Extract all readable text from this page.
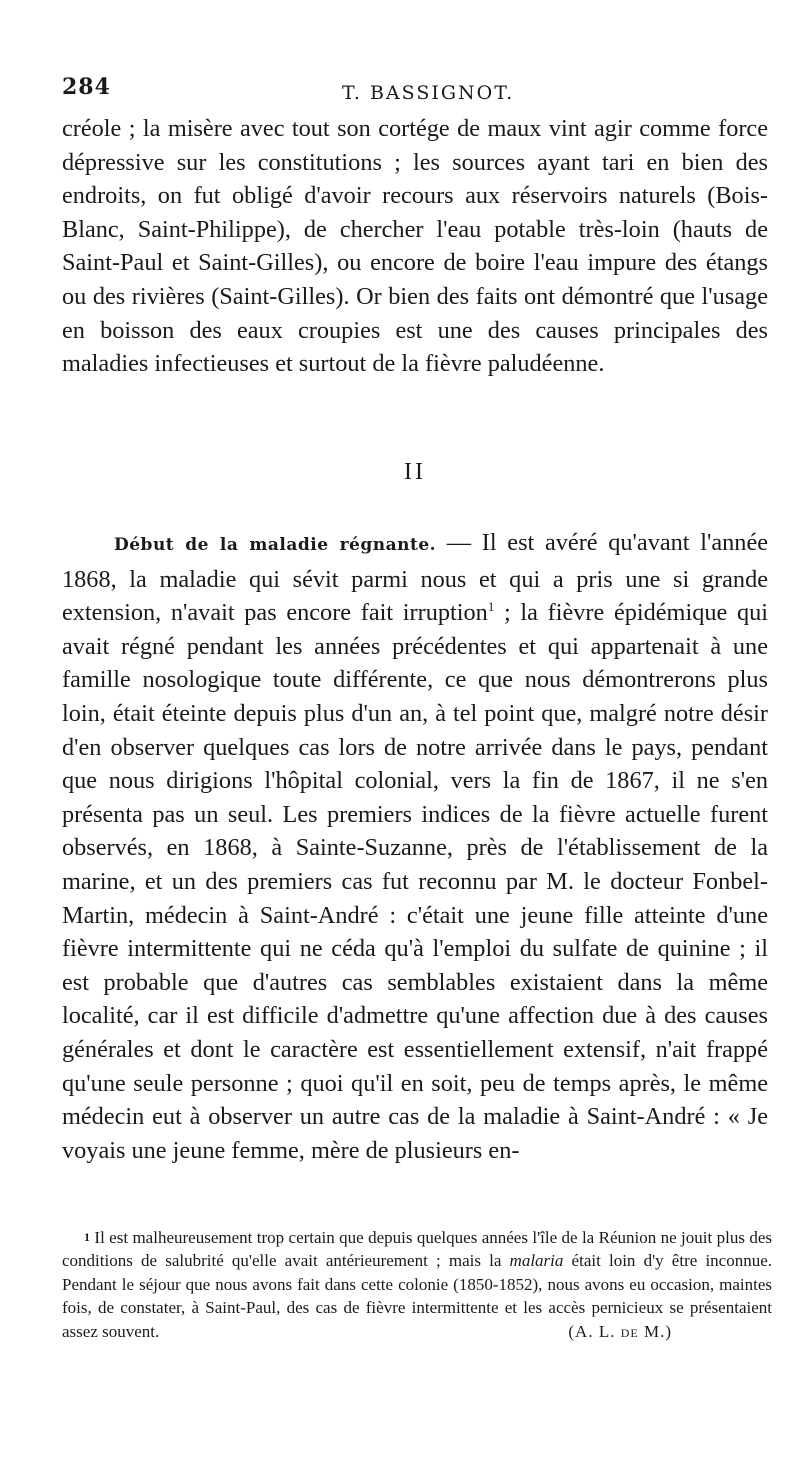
284	T. BASSIGNOT.

créole ; la misère avec tout son cortége de maux vint agir comme force dépressive sur les constitutions ; les sources ayant tari en bien des endroits, on fut obligé d'avoir recours aux réservoirs naturels (Bois-Blanc, Saint-Philippe), de chercher l'eau potable très-loin (hauts de Saint-Paul et Saint-Gilles), ou encore de boire l'eau impure des étangs ou des rivières (Saint-Gilles). Or bien des faits ont démontré que l'usage en boisson des eaux croupies est une des causes principales des maladies infectieuses et surtout de la fièvre paludéenne.

II

Début de la maladie régnante. — Il est avéré qu'avant l'année 1868, la maladie qui sévit parmi nous et qui a pris une si grande extension, n'avait pas encore fait irruption$^1$ ; la fièvre épidémique qui avait régné pendant les années précédentes et qui appartenait à une famille nosologique toute différente, ce que nous démontrerons plus loin, était éteinte depuis plus d'un an, à tel point que, malgré notre désir d'en observer quelques cas lors de notre arrivée dans le pays, pendant que nous dirigions l'hôpital colonial, vers la fin de 1867, il ne s'en présenta pas un seul. Les premiers indices de la fièvre actuelle furent observés, en 1868, à Sainte-Suzanne, près de l'établissement de la marine, et un des premiers cas fut reconnu par M. le docteur Fonbel-Martin, médecin à Saint-André : c'était une jeune fille atteinte d'une fièvre intermittente qui ne céda qu'à l'emploi du sulfate de quinine ; il est probable que d'autres cas semblables existaient dans la même localité, car il est difficile d'admettre qu'une affection due à des causes générales et dont le caractère est essentiellement extensif, n'ait frappé qu'une seule personne ; quoi qu'il en soit, peu de temps après, le même médecin eut à observer un autre cas de la maladie à Saint-André : « Je voyais une jeune femme, mère de plusieurs en-

$^1$ Il est malheureusement trop certain que depuis quelques années l'île de la Réunion ne jouit plus des conditions de salubrité qu'elle avait antérieurement ; mais la malaria était loin d'y être inconnue. Pendant le séjour que nous avons fait dans cette colonie (1850-1852), nous avons eu occasion, maintes fois, de constater, à Saint-Paul, des cas de fièvre intermittente et les accès pernicieux se présentaient assez souvent.	(A. L. DE M.)
